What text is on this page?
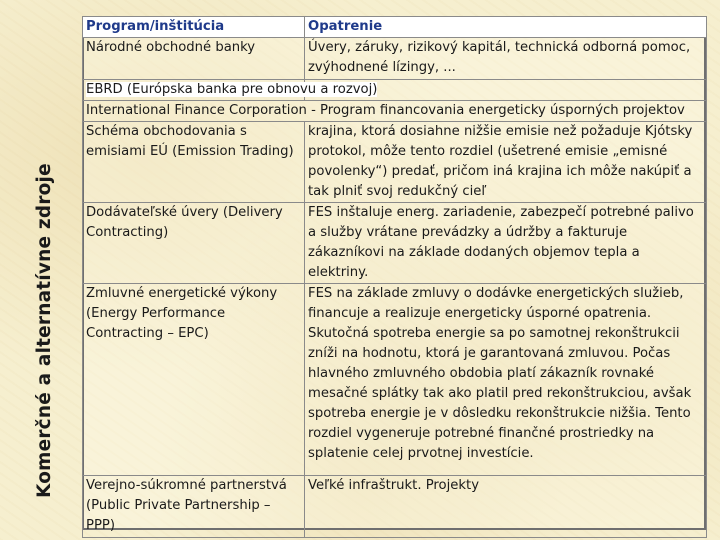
Komerčné a alternatívne zdroje
Program/inštitúcia	Opatrenie
Národné obchodné banky	Úvery, záruky, rizikový kapitál, technická odborná pomoc, zvýhodnené lízingy, ...
EBRD (Európska banka pre obnovu a rozvoj)	
International Finance Corporation - Program financovania energeticky úsporných projektov	
Schéma obchodovania s emisiami EÚ (Emission Trading)	krajina, ktorá dosiahne nižšie emisie než požaduje Kjótsky protokol, môže tento rozdiel (ušetrené emisie „emisné povolenky“) predať, pričom iná krajina ich môže nakúpiť a tak plniť svoj redukčný cieľ
Dodávateľské úvery (Delivery Contracting)	FES inštaluje energ. zariadenie, zabezpečí potrebné palivo a služby vrátane prevádzky a údržby a fakturuje zákazníkovi na základe dodaných objemov tepla a elektriny.
Zmluvné energetické výkony (Energy Performance Contracting – EPC)	FES na základe zmluvy o dodávke energetických služieb, financuje a realizuje energeticky úsporné opatrenia. Skutočná spotreba energie sa po samotnej rekonštrukcii zníži na hodnotu, ktorá je garantovaná zmluvou. Počas hlavného zmluvného obdobia platí zákazník rovnaké mesačné splátky tak ako platil pred rekonštrukciou, avšak spotreba energie je v dôsledku rekonštrukcie nižšia. Tento rozdiel vygeneruje potrebné finančné prostriedky na splatenie celej prvotnej investície.
Verejno-súkromné partnerstvá (Public Private Partnership – PPP)	Veľké infraštrukt. Projekty
